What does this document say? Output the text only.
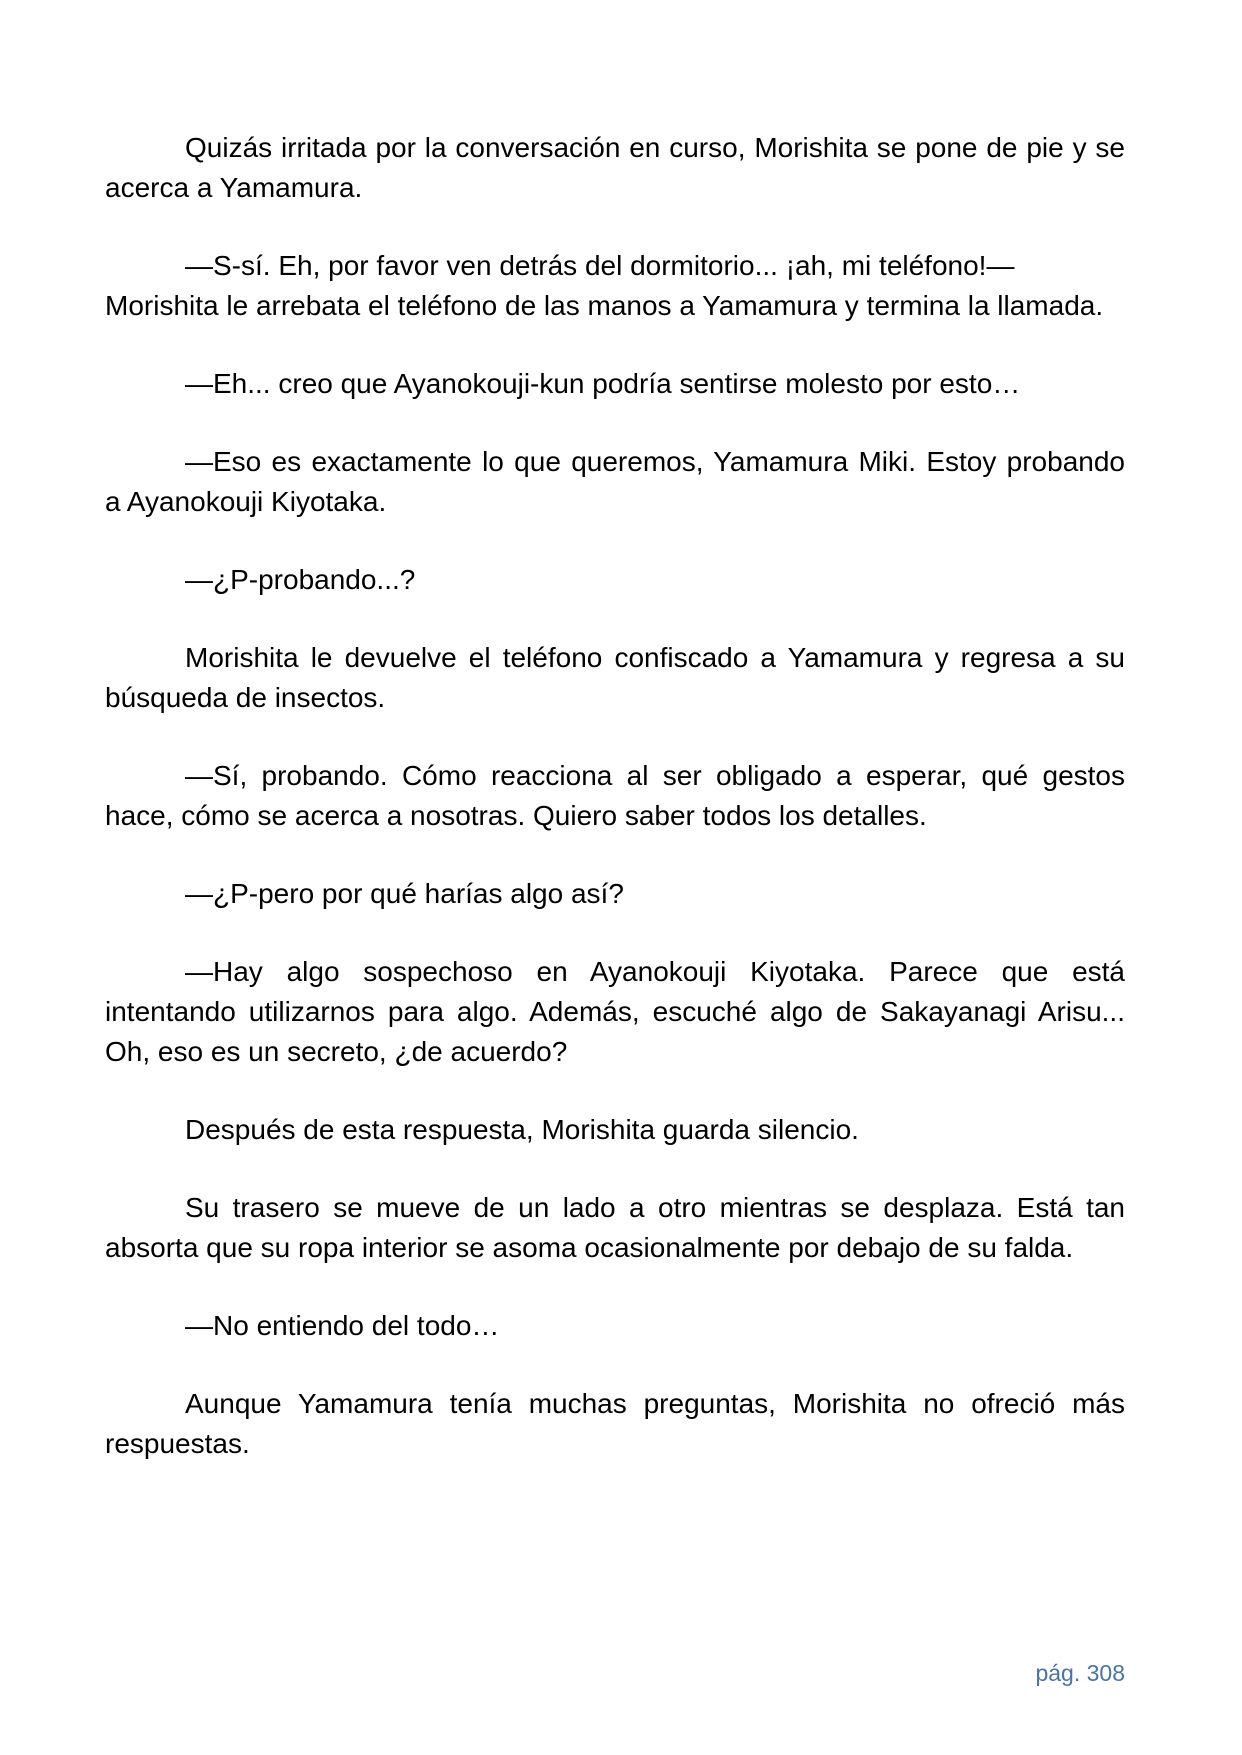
Quizás irritada por la conversación en curso, Morishita se pone de pie y se acerca a Yamamura.

—S-sí. Eh, por favor ven detrás del dormitorio... ¡ah, mi teléfono!—

Morishita le arrebata el teléfono de las manos a Yamamura y termina la llamada.

—Eh... creo que Ayanokouji-kun podría sentirse molesto por esto…

—Eso es exactamente lo que queremos, Yamamura Miki. Estoy probando a Ayanokouji Kiyotaka.

—¿P-probando...?

Morishita le devuelve el teléfono confiscado a Yamamura y regresa a su búsqueda de insectos.

—Sí, probando. Cómo reacciona al ser obligado a esperar, qué gestos hace, cómo se acerca a nosotras. Quiero saber todos los detalles.

—¿P-pero por qué harías algo así?

—Hay algo sospechoso en Ayanokouji Kiyotaka. Parece que está intentando utilizarnos para algo. Además, escuché algo de Sakayanagi Arisu... Oh, eso es un secreto, ¿de acuerdo?

Después de esta respuesta, Morishita guarda silencio.

Su trasero se mueve de un lado a otro mientras se desplaza. Está tan absorta que su ropa interior se asoma ocasionalmente por debajo de su falda.

—No entiendo del todo…

Aunque Yamamura tenía muchas preguntas, Morishita no ofreció más respuestas.

pág. 308
